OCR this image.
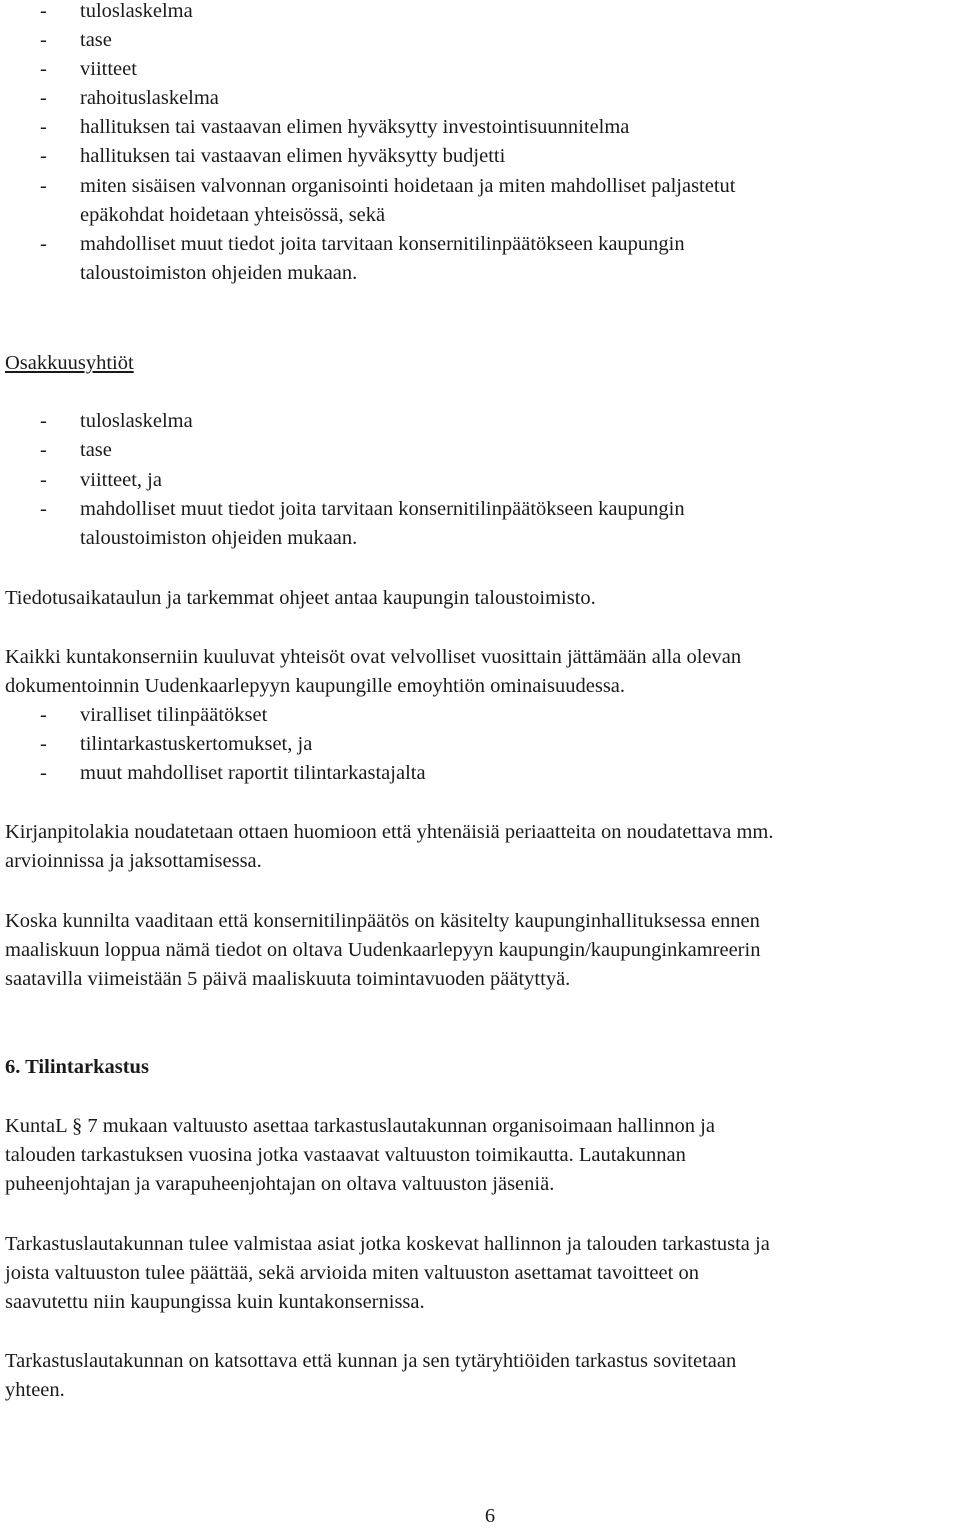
- tuloslaskelma
- tase
- viitteet
- rahoituslaskelma
- hallituksen tai vastaavan elimen hyväksytty investointisuunnitelma
- hallituksen tai vastaavan elimen hyväksytty budjetti
- miten sisäisen valvonnan organisointi hoidetaan ja miten mahdolliset paljastetut
epäkohdat hoidetaan yhteisössä, sekä
- mahdolliset muut tiedot joita tarvitaan konsernitilinpäätökseen kaupungin
taloustoimiston ohjeiden mukaan.
Osakkuusyhtiöt
- tuloslaskelma
- tase
- viitteet, ja
- mahdolliset muut tiedot joita tarvitaan konsernitilinpäätökseen kaupungin
taloustoimiston ohjeiden mukaan.
Tiedotusaikataulun ja tarkemmat ohjeet antaa kaupungin taloustoimisto.
Kaikki kuntakonserniin kuuluvat yhteisöt ovat velvolliset vuosittain jättämään alla olevan
dokumentoinnin Uudenkaarlepyyn kaupungille emoyhtiön ominaisuudessa.
- viralliset tilinpäätökset
- tilintarkastuskertomukset, ja
- muut mahdolliset raportit tilintarkastajalta
Kirjanpitolakia noudatetaan ottaen huomioon että yhtenäisiä periaatteita on noudatettava mm.
arvioinnissa ja jaksottamisessa.
Koska kunnilta vaaditaan että konsernitilinpäätös on käsitelty kaupunginhallituksessa ennen
maaliskuun loppua nämä tiedot on oltava Uudenkaarlepyyn kaupungin/kaupunginkamreerin
saatavilla viimeistään 5 päivä maaliskuuta toimintavuoden päätyttyä.
6. Tilintarkastus
KuntaL § 7 mukaan valtuusto asettaa tarkastuslautakunnan organisoimaan hallinnon ja
talouden tarkastuksen vuosina jotka vastaavat valtuuston toimikautta. Lautakunnan
puheenjohtajan ja varapuheenjohtajan on oltava valtuuston jäseniä.
Tarkastuslautakunnan tulee valmistaa asiat jotka koskevat hallinnon ja talouden tarkastusta ja
joista valtuuston tulee päättää, sekä arvioida miten valtuuston asettamat tavoitteet on
saavutettu niin kaupungissa kuin kuntakonsernissa.
Tarkastuslautakunnan on katsottava että kunnan ja sen tytäryhtiöiden tarkastus sovitetaan
yhteen.
6
